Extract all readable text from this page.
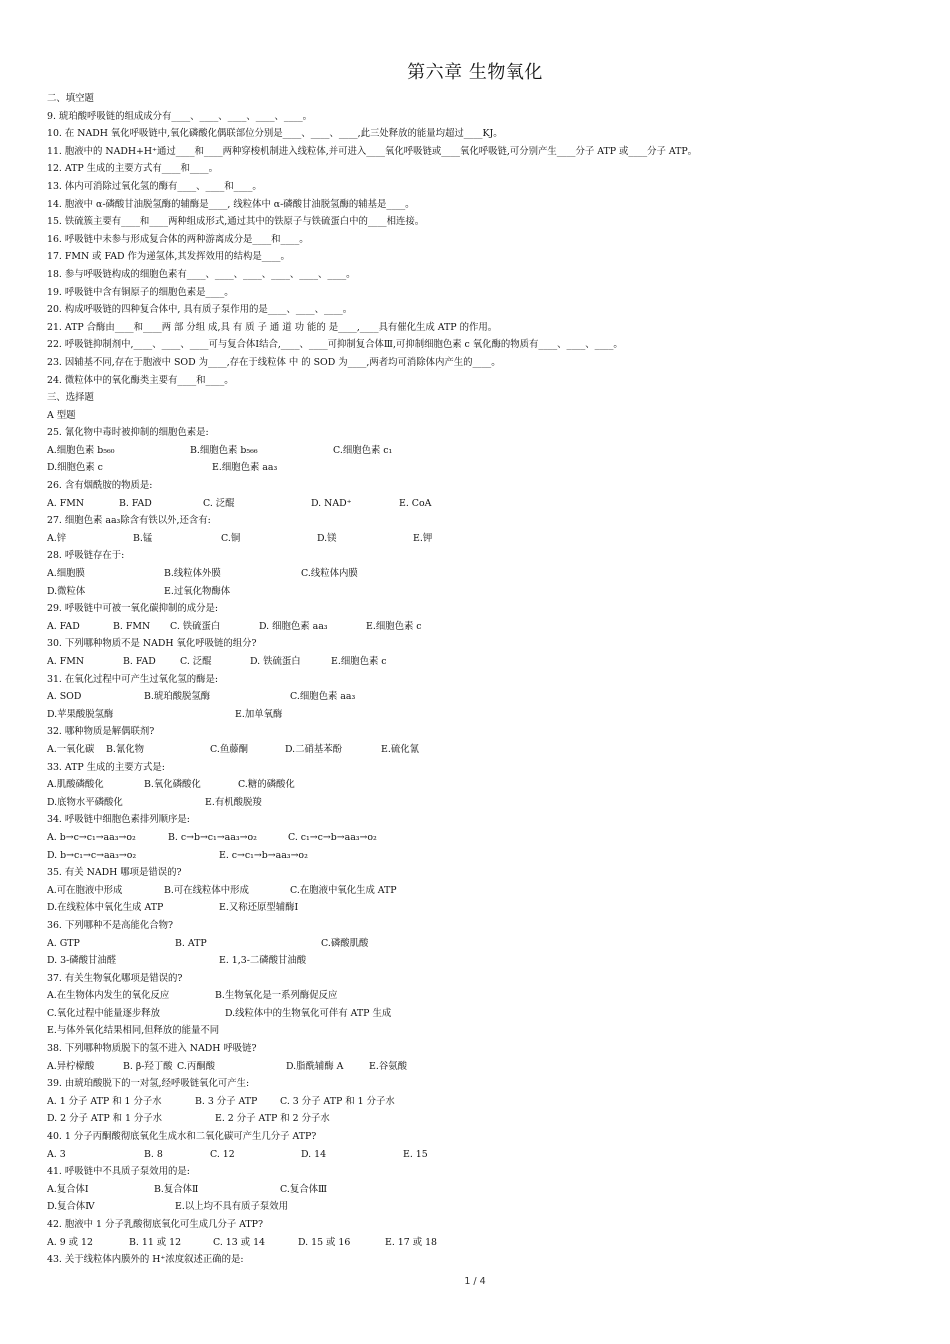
第六章 生物氧化
二、填空题
9. 琥珀酸呼吸链的组成成分有____、____、____、____、____。
10. 在 NADH 氧化呼吸链中,氧化磷酸化偶联部位分别是____、____、____,此三处释放的能量均超过____KJ。
11. 胞液中的 NADH+H⁺通过____和____两种穿梭机制进入线粒体,并可进入____氧化呼吸链或____氧化呼吸链,可分别产生____分子 ATP 或____分子 ATP。
12. ATP 生成的主要方式有____和____。
13. 体内可消除过氧化氢的酶有____、____和____。
14. 胞液中 α-磷酸甘油脱氢酶的辅酶是____, 线粒体中 α-磷酸甘油脱氢酶的辅基是____。
15. 铁硫簇主要有____和____两种组成形式,通过其中的铁原子与铁硫蛋白中的____相连接。
16. 呼吸链中未参与形成复合体的两种游离成分是____和____。
17. FMN 或 FAD 作为递氢体,其发挥效用的结构是____。
18. 参与呼吸链构成的细胞色素有____、____、____、____、____、____。
19. 呼吸链中含有铜原子的细胞色素是____。
20. 构成呼吸链的四种复合体中, 具有质子泵作用的是____、____、____。
21. ATP 合酶由____和____两 部 分组 成,具 有 质 子 通 道 功 能的 是____,____具有催化生成 ATP 的作用。
22. 呼吸链抑制剂中,____、____、____可与复合体Ⅰ结合,____、____可抑制复合体Ⅲ,可抑制细胞色素 c 氧化酶的物质有____、____、____。
23. 因辅基不同,存在于胞液中 SOD 为____,存在于线粒体 中 的 SOD 为____,两者均可消除体内产生的____。
24. 微粒体中的氧化酶类主要有____和____。
三、选择题
A 型题
25. 氰化物中毒时被抑制的细胞色素是:
A.细胞色素 b₅₆₀	B.细胞色素 b₅₆₆	C.细胞色素 c₁
D.细胞色素 c	E.细胞色素 aa₃
26. 含有烟酰胺的物质是:
A. FMN	B. FAD	C. 泛醌	D. NAD⁺	E. CoA
27. 细胞色素 aa₃除含有铁以外,还含有:
A.锌	B.锰	C.铜	D.镁	E.钾
28. 呼吸链存在于:
A.细胞膜	B.线粒体外膜	C.线粒体内膜
D.微粒体	E.过氧化物酶体
29. 呼吸链中可被一氧化碳抑制的成分是:
A. FAD	B. FMN C. 铁硫蛋白	D. 细胞色素 aa₃	E.细胞色素 c
30. 下列哪种物质不是 NADH 氧化呼吸链的组分?
A. FMN	B. FAD	C. 泛醌	D. 铁硫蛋白	E.细胞色素 c
31. 在氧化过程中可产生过氧化氢的酶是:
A. SOD	B.琥珀酸脱氢酶	C.细胞色素 aa₃
D.苹果酸脱氢酶	E.加单氧酶
32. 哪种物质是解偶联剂?
A.一氧化碳 B.氰化物	C.鱼藤酮	D.二硝基苯酚	E.硫化氰
33. ATP 生成的主要方式是:
A.肌酸磷酸化	B.氧化磷酸化	C.糖的磷酸化
D.底物水平磷酸化	E.有机酸脱羧
34. 呼吸链中细胞色素排列顺序是:
A. b→c→c₁→aa₃→o₂	B. c→b→c₁→aa₃→o₂	C. c₁→c→b→aa₃→o₂
D. b→c₁→c→aa₃→o₂	E. c→c₁→b→aa₃→o₂
35. 有关 NADH 哪项是错误的?
A.可在胞液中形成	B.可在线粒体中形成	C.在胞液中氧化生成 ATP
D.在线粒体中氧化生成 ATP	E.又称还原型辅酶Ⅰ
36. 下列哪种不是高能化合物?
A. GTP	B. ATP	C.磷酸肌酸
D. 3-磷酸甘油醛	E. 1,3-二磷酸甘油酸
37. 有关生物氧化哪项是错误的?
A.在生物体内发生的氧化反应	B.生物氧化是一系列酶促反应
C.氧化过程中能量逐步释放	D.线粒体中的生物氧化可伴有 ATP 生成
E.与体外氧化结果相同,但释放的能量不同
38. 下列哪种物质脱下的氢不进入 NADH 呼吸链?
A.异柠檬酸	B. β-羟丁酸 C.丙酮酸	D.脂酰辅酶 A	E.谷氨酸
39. 由琥珀酸脱下的一对氢,经呼吸链氧化可产生:
A. 1 分子 ATP 和 1 分子水	B. 3 分子 ATP C. 3 分子 ATP 和 1 分子水
D. 2 分子 ATP 和 1 分子水	E. 2 分子 ATP 和 2 分子水
40. 1 分子丙酮酸彻底氧化生成水和二氧化碳可产生几分子 ATP?
A. 3	B. 8	C. 12	D. 14	E. 15
41. 呼吸链中不具质子泵效用的是:
A.复合体Ⅰ	B.复合体Ⅱ	C.复合体Ⅲ
D.复合体Ⅳ	E.以上均不具有质子泵效用
42. 胞液中 1 分子乳酸彻底氧化可生成几分子 ATP?
A. 9 或 12	B. 11 或 12	C. 13 或 14	D. 15 或 16	E. 17 或 18
43. 关于线粒体内膜外的 H⁺浓度叙述正确的是:
1 / 4
